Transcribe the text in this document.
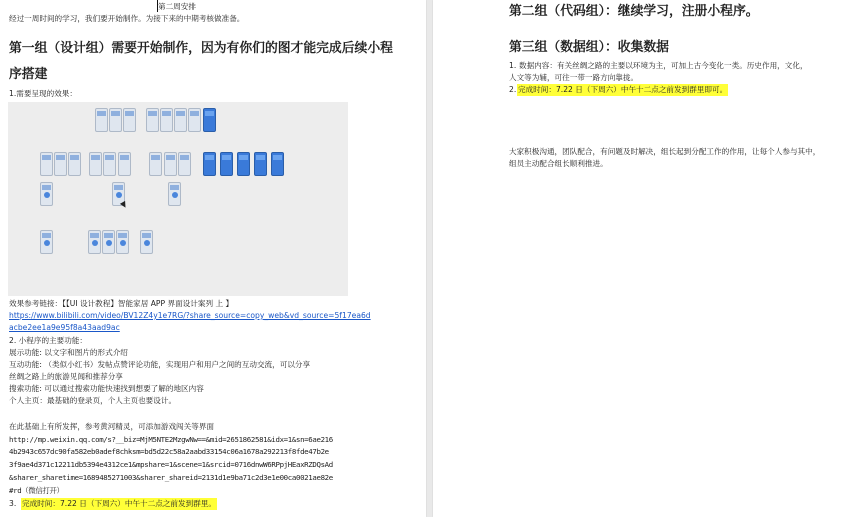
第二周安排
经过一周时间的学习，我们要开始制作。为接下来的中期考核做准备。
第一组（设计组）需要开始制作，因为有你们的图才能完成后续小程
序搭建
1.需要呈现的效果：
效果参考链接：【【UI 设计教程】智能家居 APP 界面设计案列 上 】
https://www.bilibili.com/video/BV12Z4y1e7RG/?share_source=copy_web&vd_source=5f17ea6d
acbe2ee1a9e95f8a43aad9ac
2. 小程序的主要功能：
展示功能: 以文字和图片的形式介绍
互动功能: （类似小红书）发帖点赞评论功能，实现用户和用户之间的互动交流，可以分享
丝绸之路上的旅游见闻和推荐分享
搜索功能: 可以通过搜索功能快速找到想要了解的地区内容
个人主页：最基础的登录页，个人主页也要设计。
在此基础上有所发挥，参考黄河精灵，可添加游戏闯关等界面
http://mp.weixin.qq.com/s?__biz=MjM5NTE2MzgwNw==&mid=2651862581&idx=1&sn=6ae216
4b2943c657dc90fa582eb0adef8chksm=bd5d22c58a2aabd33154c06a1678a292213f8fde47b2e
3f9ae4d371c12211db5394e4312ce1&mpshare=1&scene=1&srcid=0716dnwW6RPpjHEaxRZDQsAd
&sharer_sharetime=1689485271003&sharer_shareid=2131d1e9ba71c2d3e1e00ca0021ae82e
#rd（微信打开）
3. 完成时间：7.22 日（下周六）中午十二点之前发到群里。
第二组（代码组）：继续学习，注册小程序。
第三组（数据组）：收集数据
1. 数据内容：有关丝绸之路的主要以环境为主，可加上古今变化一类。历史作用，文化，
人文等为辅，可往一带一路方向靠拢。
2. 完成时间：7.22 日（下周六）中午十二点之前发到群里即可。
大家积极沟通，团队配合，有问题及时解决，组长起到分配工作的作用，让每个人参与其中，
组员主动配合组长顺利推进。
